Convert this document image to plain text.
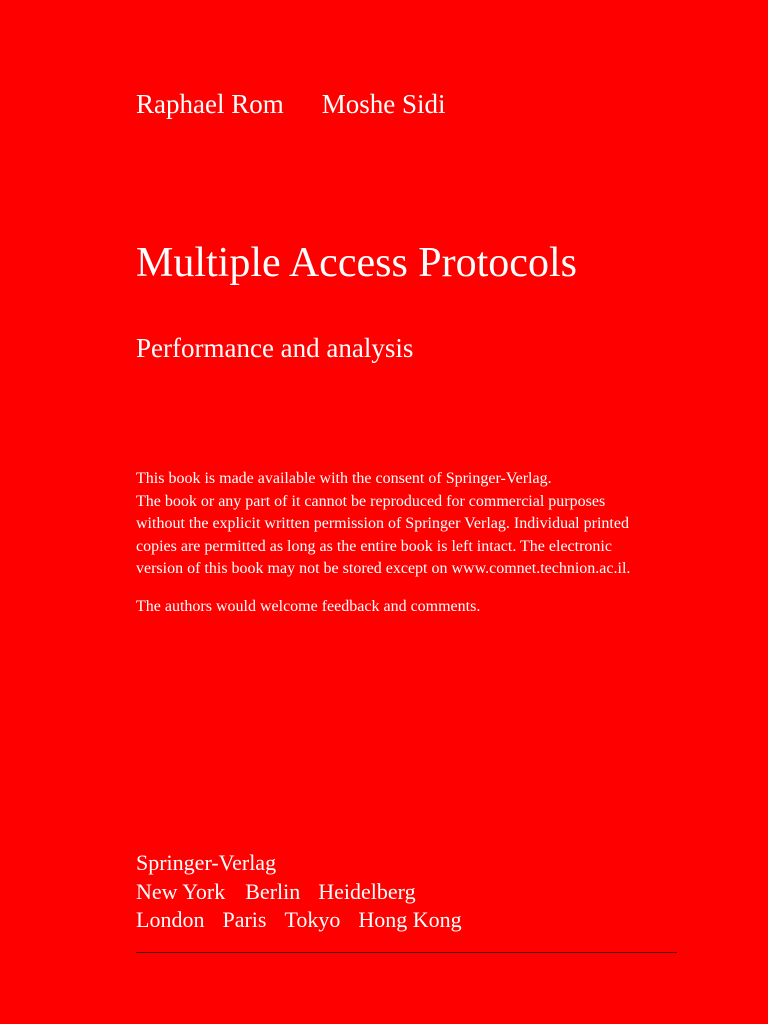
Raphael Rom Moshe Sidi
Multiple Access Protocols
Performance and analysis

This book is made available with the consent of Springer-Verlag.

The book or any part of it cannot be reproduced for commercial purposes

without the explicit written permission of Springer Verlag. Individual printed

copies are permitted as long as the entire book is left intact. The electronic

version of this book may not be stored except on www.comnet.technion.ac.il.

The authors would welcome feedback and comments.

Springer-Verlag
New York Berlin Heidelberg
London Paris Tokyo Hong Kong
